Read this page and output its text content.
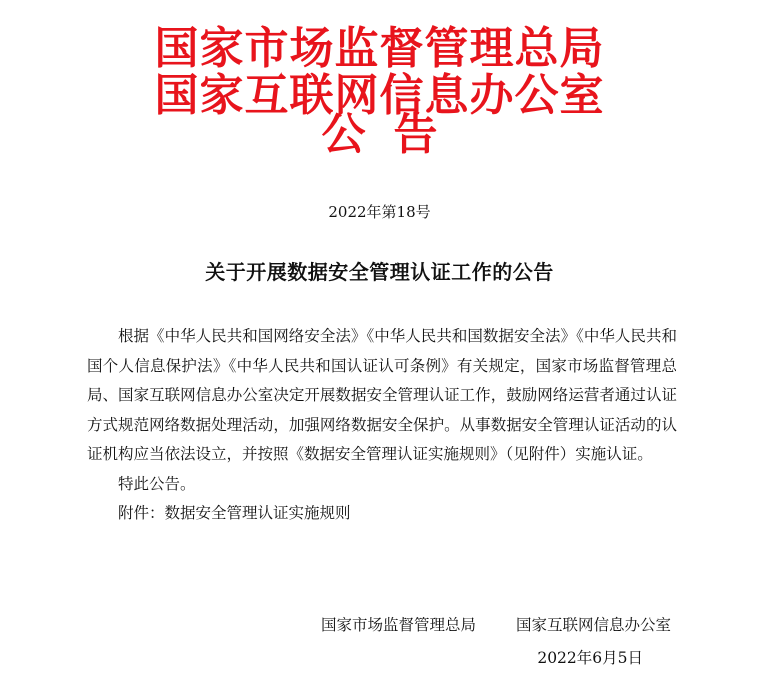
国家市场监督管理总局
国家互联网信息办公室
公告
2022年第18号
关于开展数据安全管理认证工作的公告

根据《中华人民共和国网络安全法》《中华人民共和国数据安全法》《中华人民共和国个人信息保护法》《中华人民共和国认证认可条例》有关规定，国家市场监督管理总局、国家互联网信息办公室决定开展数据安全管理认证工作，鼓励网络运营者通过认证方式规范网络数据处理活动，加强网络数据安全保护。从事数据安全管理认证活动的认证机构应当依法设立，并按照《数据安全管理认证实施规则》（见附件）实施认证。

特此公告。

附件：数据安全管理认证实施规则

国家市场监督管理总局	国家互联网信息办公室
2022年6月5日
